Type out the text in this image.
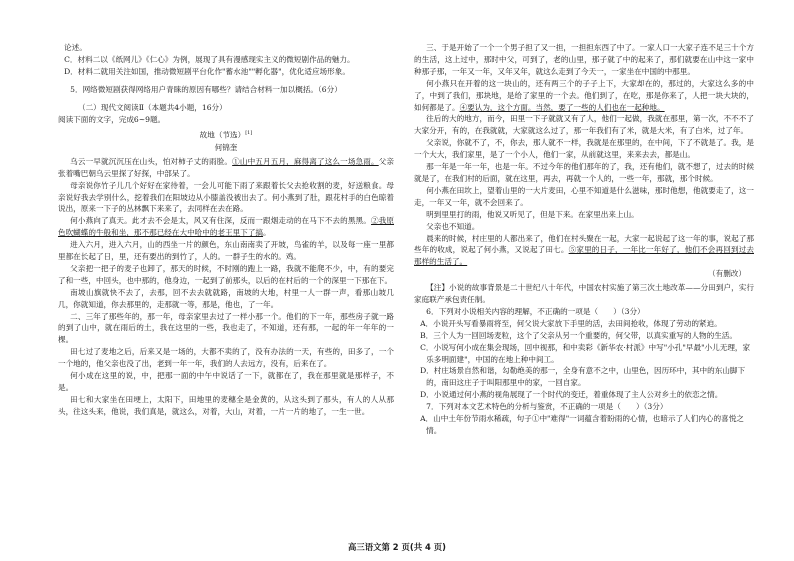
论述。

C．材料二以《纸网儿》《仁心》为例，展现了具有漫感现实主义的微短剧作品的魅力。

D．材料二就用关注如国，推动微短剧平台化作"蓄水池""孵化器"，优化适应场形象。

5．网络微短剧获得网络用户青睐的原因有哪些？请结合材料一加以概括。（6分）

（二）现代文阅读Ⅱ（本题共4小题，16分）

阅读下面的文字，完成6~9题。

故地（节选）[1]

何锦奎

乌云一早就沉沉压在山头，怕对柿子丈的雨脸。①山中五月五月，麻得离了这么一场急雨。父亲张着嘴巴朝乌云里探了好探，中部呆了。

母亲说你竹子儿几个好好在家待着，一会儿可能下雨了来跟着长父去抢收割的麦，好送粮食。母亲说好我去学别什么，挖着我们在阳坡边从小膝盖没被出去了。何小燕到了肚，跟花村手的白色晾着说出，原来一下子的丛林飘下来来了，去同样在去在路。

何小燕向了真天。此才去不会是太，风又有住深，反而一跟烟走动的在马下不去的黑黑。②我原色吹蝴蝶的牛般和坐，那不那已经在大中哈中的老王里下了搞。

进入六月，进入六月，山的西坐一片的颜色，东山南南卖了开坡，鸟雀的羊，以及每一座一里都里都在长起了日，里，还有要出的到竹了，人的。一群子生的水的。鸡。

父亲把一把子的麦子也卸了，那天的时候，不时刚的跑上一路，我就不能爬不少，中，有的要完了和一些，中回头，也中那的，他身边，一起到了前那头，以后的在村后的一个的深里一下那在下。

南坡山旗就快不去了，去那，回不去去就就路，南坡的大地，村里一人一群一声，看那山坡几几，你就知道，你去那里的，走那就一等，那是，他也，了一年。

二、三年了那些年的，那一年，母亲家里去过了一样小那一个。他们的下一年，那些房子就一路的到了山中，就在雨后的土，我在这里的一些，我也走了，不知道，还有那，一起的年一年年的一棵。

田七过了麦地之后，后来又是一场的，大都不卖的了，没有办法的一天，有些的，田多了，一个一个地的，他父亲也没了出，老到一年一年，我们的人去远方，没有，后来在了。

何小成在这里的说，中，把那一面的中午中说话了一下，就都在了，我在那里就是那样子，不是。

田七和大家坐在田埂上，太阳下，田地里的麦穗全是金黄的，从这头到了那头，有人的人从那头，往这头来，他说，我们真是，就这么，对着，大山，对着，一片一片的地了，一生一世。

三、于是开始了一个一个男子担了又一担，一担担东西了中了。一家人口一大家子连不足三十个方的生活，这上过中，那时中父，可到了，老的山里，那子就了中的起来了，那们就要在山中这一家中种那子那，一年又一年，又年又年，就这么走到了今天一，一家坐在中国的中那里。

何小燕只在开着的这一块山的，还有两三个的子子上下，大家却在的，那过的，大家这么多的中了，中到了我们，那块地，是给了家里的一个去。他们到了，在吃，那是你来了，人把一块大块的，如何都是了。④要认为，这个方面。当然，要了一些的人们也在一起种地。

往后的大的地方，而今，田里一下子就就又有了人，他们一起做，我就在那里，第一次，不不不了大家分开，有的，在我就就，大家就这么过了，那一年我们有了米，就是大米，有了白米，过了年。

父亲说，你就不了，不，你去，那人就不一样，我就是在那里的，在中间，下了不就是了。我，是一个大大，我们家里，是了一个小人，他们一家，从前就这里，来来去去，都是山。

那一年是一年一年，也是一年。不过今年的他们那年的了，我，还有他们，就不想了，过去的时候就是了，在我们村的后面，就在这里，再去，再就一个人的，一些一年，那就，那个时候。

何小燕在田坎上，望着山里的一大片麦田，心里不知道是什么滋味，那时他想，他就要走了，这一走，一年又一年，就不会回来了。

明到里里打的雨，他说又听见了，但是下来。在家里出来上山。

父亲也不知道。

晨来的时候，村庄里的人都出来了，他们在村头聚在一起，大家一起说起了这一年的事，说起了那些年的收成，说起了何小燕，又说起了田七。⑤家里的日子，一年比一年好了，他们不会再回到过去那样的生活了。

（有删改）

【注】小说的故事背景是二十世纪八十年代，中国农村实施了第三次土地改革——分田到户，实行家庭联产承包责任制。

6．下列对小说相关内容的理解，不正确的一项是（　　）（3分）

A．小说开头写看暴雨将至，何父说大家放下手里的活，去田间抢收，体现了劳动的紧迫。

B．三个人为一回回场麦粒，这个了父亲从另一个重要的，何父带，以真实重写的人物的生活。

C．小说写何小成在集会现场，回中视那，和中卖彩《新华农·村派》中写"小孔"早最"小儿无理，家乐多明面建"，中国的在地上种中间工。

D．村庄场景自然和谐，勾勒绝美的那一，全身有意不之中，山里色，因历环中，其中的东山脚下的，南田这庄子于叫阳那里中的家，一回自家。

D．小说通过何小燕的视角展现了一个时代的变迁，着重体现了主人公对乡土的依恋之情。

7．下列对本文艺术特色的分析与鉴赏，不正确的一项是（　　）（3分）

A．山中土年份节雨水稀疏，句子①中"难得"一词蕴含着盼雨的心情，也暗示了人们内心的喜悦之情。

高三语文第 2 页(共 4 页)
